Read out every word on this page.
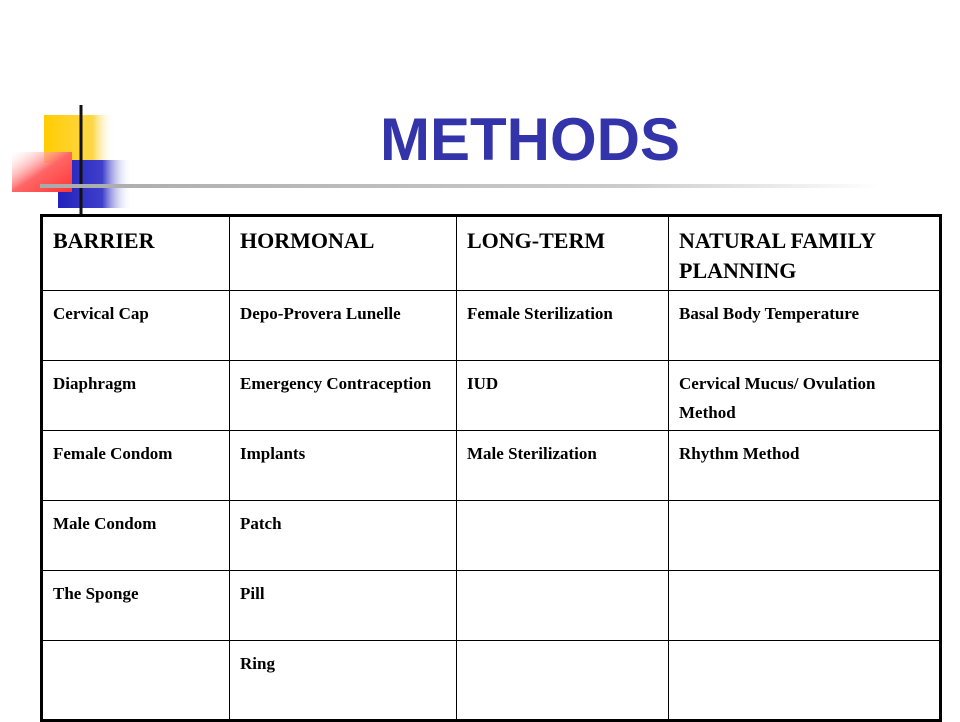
METHODS
BARRIER	HORMONAL	LONG-TERM	NATURAL FAMILY PLANNING
Cervical Cap	Depo-Provera Lunelle	Female Sterilization	Basal Body Temperature
Diaphragm	Emergency Contraception	IUD	Cervical Mucus/ Ovulation Method
Female Condom	Implants	Male Sterilization	Rhythm Method
Male Condom	Patch		
The Sponge	Pill		
	Ring		
